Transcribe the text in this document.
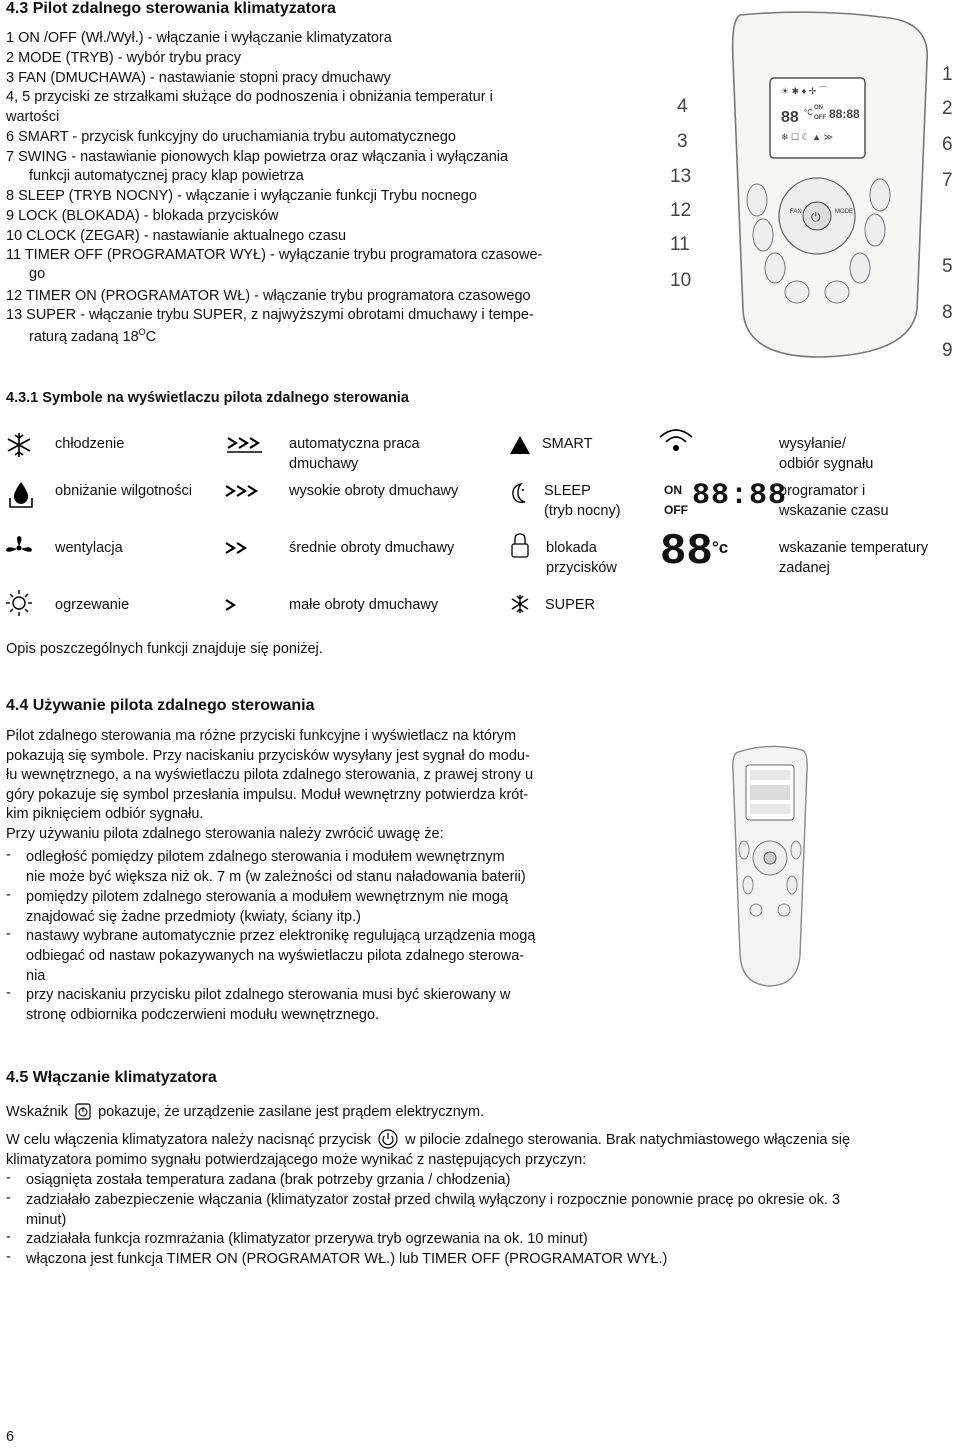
4.3 Pilot zdalnego sterowania klimatyzatora
1 ON /OFF (Wł./Wył.) - włączanie i wyłączanie klimatyzatora
2 MODE (TRYB) - wybór trybu pracy
3 FAN (DMUCHAWA) - nastawianie stopni pracy dmuchawy
4, 5 przyciski ze strzałkami służące do podnoszenia i obniżania temperatur i
wartości
6 SMART - przycisk funkcyjny do uruchamiania trybu automatycznego
7 SWING - nastawianie pionowych klap powietrza oraz włączania i wyłączania
funkcji automatycznej pracy klap powietrza
8 SLEEP (TRYB NOCNY) - włączanie i wyłączanie funkcji Trybu nocnego
9 LOCK (BLOKADA) - blokada przycisków
10 CLOCK (ZEGAR) - nastawianie aktualnego czasu
11 TIMER OFF (PROGRAMATOR WYŁ) - wyłączanie trybu programatora czasowe-
go
12 TIMER ON (PROGRAMATOR WŁ) - włączanie trybu programatora czasowego
13 SUPER - włączanie trybu SUPER, z najwyższymi obrotami dmuchawy i tempe-
raturą zadaną $18^OC$
☀ ✱ ♦ ✢ ⌒
88 °C ON
OFF 88:88
❄ ☐ ☾ ▲ ≫
⏻
FAN	MODE
4
3
13
12
11
10
1
2
6
7
5
8
9
4.3.1 Symbole na wyświetlaczu pilota zdalnego sterowania
chłodzenie
obniżanie wilgotności
wentylacja
ogrzewanie
automatyczna praca
dmuchawy
wysokie obroty dmuchawy
średnie obroty dmuchawy
małe obroty dmuchawy
SMART
SLEEP
(tryb nocny)
blokada
przycisków
SUPER
ON
OFF 88:88
88 °c
wysyłanie/
odbiór sygnału
programator i
wskazanie czasu
wskazanie temperatury
zadanej
Opis poszczególnych funkcji znajduje się poniżej.
4.4 Używanie pilota zdalnego sterowania
Pilot zdalnego sterowania ma różne przyciski funkcyjne i wyświetlacz na którym
pokazują się symbole. Przy naciskaniu przycisków wysyłany jest sygnał do modu-
łu wewnętrznego, a na wyświetlaczu pilota zdalnego sterowania, z prawej strony u
góry pokazuje się symbol przesłania impulsu. Moduł wewnętrzny potwierdza krót-
kim piknięciem odbiór sygnału.
Przy używaniu pilota zdalnego sterowania należy zwrócić uwagę że:
- odległość pomiędzy pilotem zdalnego sterowania i modułem wewnętrznym
nie może być większa niż ok. 7 m (w zależności od stanu naładowania baterii)
- pomiędzy pilotem zdalnego sterowania a modułem wewnętrznym nie mogą
znajdować się żadne przedmioty (kwiaty, ściany itp.)
- nastawy wybrane automatycznie przez elektronikę regulującą urządzenia mogą
odbiegać od nastaw pokazywanych na wyświetlaczu pilota zdalnego sterowa-
nia
- przy naciskaniu przycisku pilot zdalnego sterowania musi być skierowany w
stronę odbiornika podczerwieni modułu wewnętrznego.
4.5 Włączanie klimatyzatora
Wskaźnik pokazuje, że urządzenie zasilane jest prądem elektrycznym.
W celu włączenia klimatyzatora należy nacisnąć przycisk w pilocie zdalnego sterowania. Brak natychmiastowego włączenia się
klimatyzatora pomimo sygnału potwierdzającego może wynikać z następujących przyczyn:
- osiągnięta została temperatura zadana (brak potrzeby grzania / chłodzenia)
- zadziałało zabezpieczenie włączania (klimatyzator został przed chwilą wyłączony i rozpocznie ponownie pracę po okresie ok. 3
minut)
- zadziałała funkcja rozmrażania (klimatyzator przerywa tryb ogrzewania na ok. 10 minut)
- włączona jest funkcja TIMER ON (PROGRAMATOR WŁ.) lub TIMER OFF (PROGRAMATOR WYŁ.)
6
